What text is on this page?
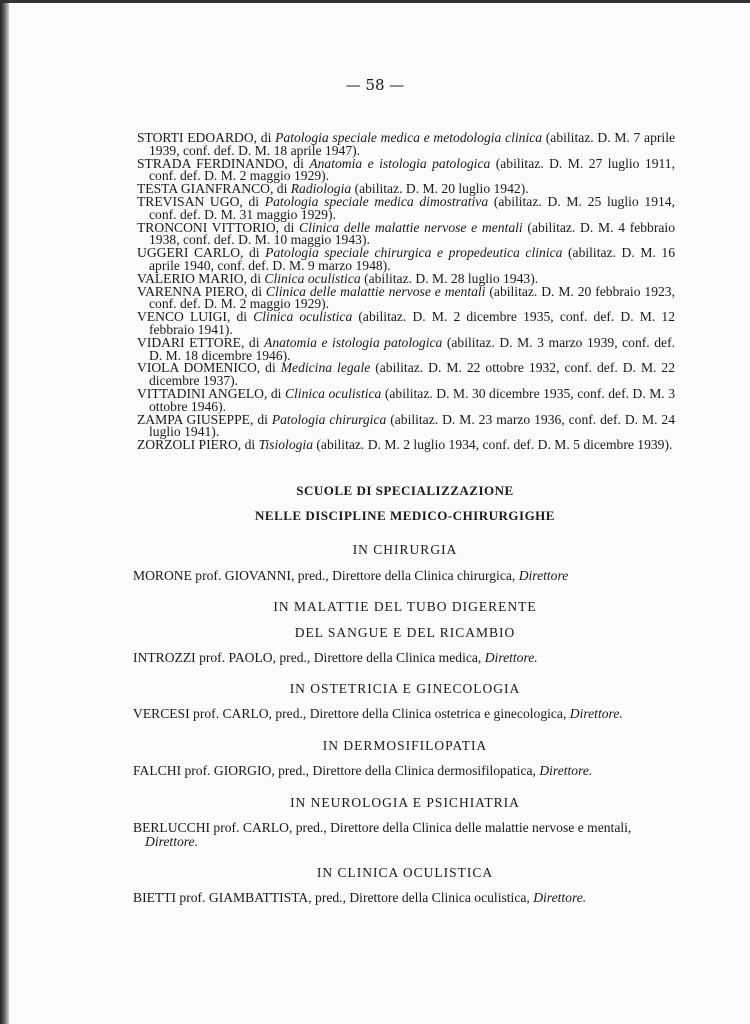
— 58 —
STORTI EDOARDO, di Patologia speciale medica e metodologia clinica (abilitaz. D. M. 7 aprile 1939, conf. def. D. M. 18 aprile 1947).
STRADA FERDINANDO, di Anatomia e istologia patologica (abilitaz. D. M. 27 luglio 1911, conf. def. D. M. 2 maggio 1929).
TESTA GIANFRANCO, di Radiologia (abilitaz. D. M. 20 luglio 1942).
TREVISAN UGO, di Patologia speciale medica dimostrativa (abilitaz. D. M. 25 luglio 1914, conf. def. D. M. 31 maggio 1929).
TRONCONI VITTORIO, di Clinica delle malattie nervose e mentali (abilitaz. D. M. 4 febbraio 1938, conf. def. D. M. 10 maggio 1943).
UGGERI CARLO, di Patologia speciale chirurgica e propedeutica clinica (abilitaz. D. M. 16 aprile 1940, conf. def. D. M. 9 marzo 1948).
VALERIO MARIO, di Clinica oculistica (abilitaz. D. M. 28 luglio 1943).
VARENNA PIERO, di Clinica delle malattie nervose e mentali (abilitaz. D. M. 20 febbraio 1923, conf. def. D. M. 2 maggio 1929).
VENCO LUIGI, di Clinica oculistica (abilitaz. D. M. 2 dicembre 1935, conf. def. D. M. 12 febbraio 1941).
VIDARI ETTORE, di Anatomia e istologia patologica (abilitaz. D. M. 3 marzo 1939, conf. def. D. M. 18 dicembre 1946).
VIOLA DOMENICO, di Medicina legale (abilitaz. D. M. 22 ottobre 1932, conf. def. D. M. 22 dicembre 1937).
VITTADINI ANGELO, di Clinica oculistica (abilitaz. D. M. 30 dicembre 1935, conf. def. D. M. 3 ottobre 1946).
ZAMPA GIUSEPPE, di Patologia chirurgica (abilitaz. D. M. 23 marzo 1936, conf. def. D. M. 24 luglio 1941).
ZORZOLI PIERO, di Tisiologia (abilitaz. D. M. 2 luglio 1934, conf. def. D. M. 5 dicembre 1939).
SCUOLE DI SPECIALIZZAZIONE
NELLE DISCIPLINE MEDICO-CHIRURGIGHE
IN CHIRURGIA
MORONE prof. GIOVANNI, pred., Direttore della Clinica chirurgica, Direttore
IN MALATTIE DEL TUBO DIGERENTE
DEL SANGUE E DEL RICAMBIO
INTROZZI prof. PAOLO, pred., Direttore della Clinica medica, Direttore.
IN OSTETRICIA E GINECOLOGIA
VERCESI prof. CARLO, pred., Direttore della Clinica ostetrica e ginecologica, Direttore.
IN DERMOSIFILOPATIA
FALCHI prof. GIORGIO, pred., Direttore della Clinica dermosifilopatica, Direttore.
IN NEUROLOGIA E PSICHIATRIA
BERLUCCHI prof. CARLO, pred., Direttore della Clinica delle malattie nervose e mentali, Direttore.
IN CLINICA OCULISTICA
BIETTI prof. GIAMBATTISTA, pred., Direttore della Clinica oculistica, Direttore.
